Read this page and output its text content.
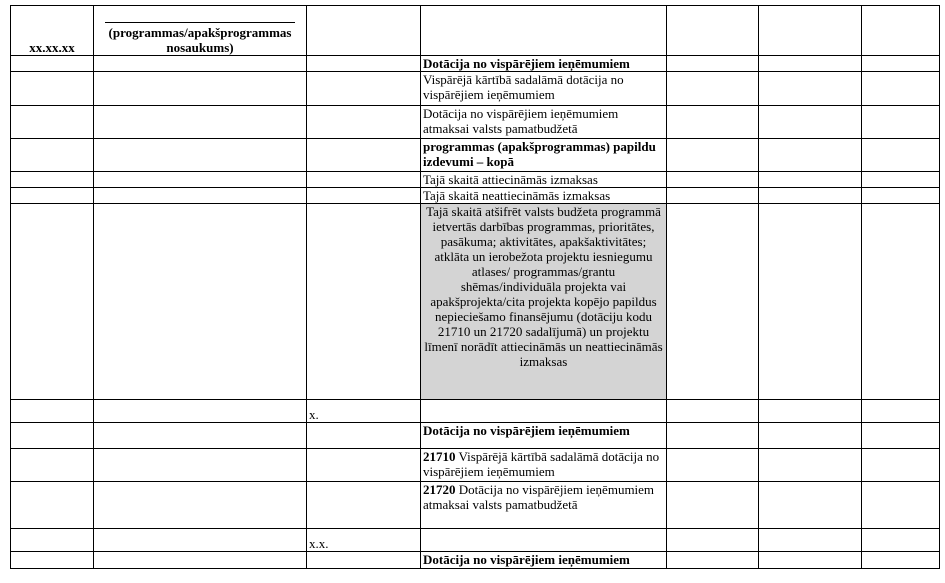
xx.xx.xx	(programmas/apakšprogrammas nosaukums)					
			Dotācija no vispārējiem ieņēmumiem			
			Vispārējā kārtībā sadalāmā dotācija no vispārējiem ieņēmumiem			
			Dotācija no vispārējiem ieņēmumiem atmaksai valsts pamatbudžetā			
			programmas (apakšprogrammas) papildu izdevumi – kopā			
			Tajā skaitā attiecināmās izmaksas			
			Tajā skaitā neattiecināmās izmaksas			
			Tajā skaitā atšifrēt valsts budžeta programmā ietvertās darbības programmas, prioritātes, pasākuma; aktivitātes, apakšaktivitātes; atklāta un ierobežota projektu iesniegumu atlases/ programmas/grantu shēmas/individuāla projekta vai apakšprojekta/cita projekta kopējo papildus nepieciešamo finansējumu (dotāciju kodu 21710 un 21720 sadalījumā) un projektu līmenī norādīt attiecināmās un neattiecināmās izmaksas			
		x.				
			Dotācija no vispārējiem ieņēmumiem			
			21710 Vispārējā kārtībā sadalāmā dotācija no vispārējiem ieņēmumiem			
			21720 Dotācija no vispārējiem ieņēmumiem atmaksai valsts pamatbudžetā			
		x.x.				
			Dotācija no vispārējiem ieņēmumiem			
